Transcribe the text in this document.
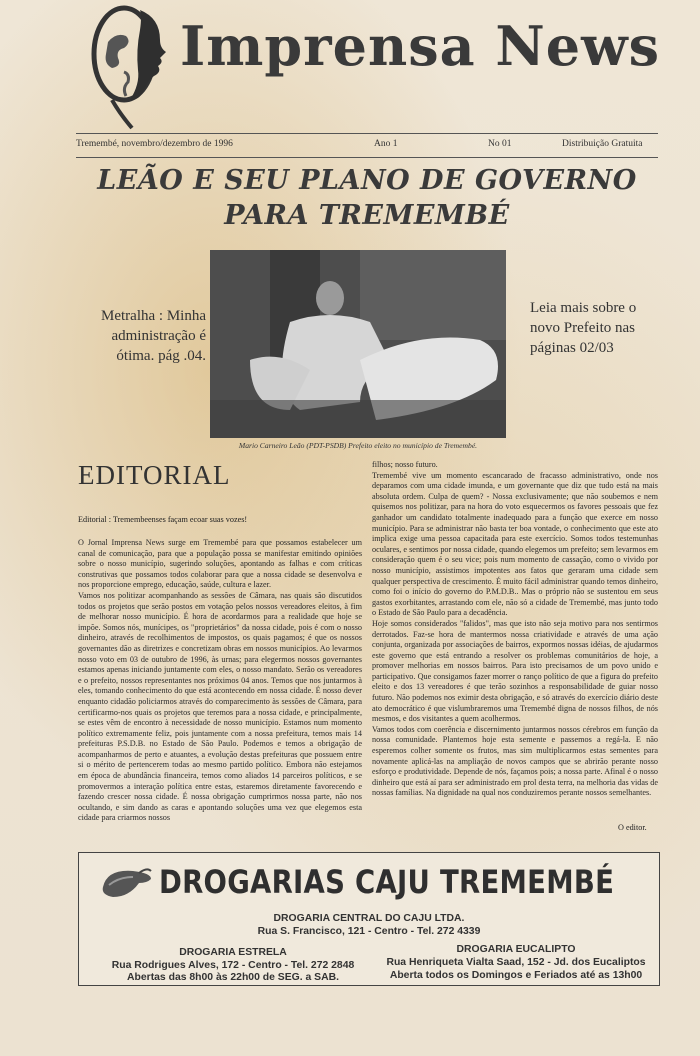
Imprensa News
Tremembé, novembro/dezembro de 1996	Ano 1	No 01	Distribuição Gratuita
LEÃO E SEU PLANO DE GOVERNO
PARA TREMEMBÉ
Metralha : Minha administração é ótima. pág .04.
Leia mais sobre o novo Prefeito nas páginas 02/03
Mario Carneiro Leão (PDT-PSDB) Prefeito eleito no município de Tremembé.
EDITORIAL
Editorial : Tremembeenses façam ecoar suas vozes!

O Jornal Imprensa News surge em Tremembé para que possamos estabelecer um canal de comunicação, para que a população possa se manifestar emitindo opiniões sobre o nosso município, sugerindo soluções, apontando as falhas e com críticas construtivas que possamos todos colaborar para que a nossa cidade se desenvolva e nos proporcione emprego, educação, saúde, cultura e lazer.

Vamos nos politizar acompanhando as sessões de Câmara, nas quais são discutidos todos os projetos que serão postos em votação pelos nossos vereadores eleitos, à fim de melhorar nosso município. É hora de acordarmos para a realidade que hoje se impõe. Somos nós, munícipes, os "proprietários" da nossa cidade, pois é com o nosso dinheiro, através de recolhimentos de impostos, os quais pagamos; é que os nossos governantes dão as diretrizes e concretizam obras em nossos municípios. Ao levarmos nosso voto em 03 de outubro de 1996, às urnas; para elegermos nossos governantes estamos apenas iniciando juntamente com eles, o nosso mandato. Serão os vereadores e o prefeito, nossos representantes nos próximos 04 anos. Temos que nos juntarmos à eles, tomando conhecimento do que está acontecendo em nossa cidade. É nosso dever enquanto cidadão policiarmos através do comparecimento às sessões de Câmara, para certificarmo-nos quais os projetos que teremos para a nossa cidade, e principalmente, se estes vêm de encontro à necessidade de nosso município. Estamos num momento político extremamente feliz, pois juntamente com a nossa prefeitura, temos mais 14 prefeituras P.S.D.B. no Estado de São Paulo. Podemos e temos a obrigação de acompanharmos de perto e atuantes, a evolução destas prefeituras que possuem entre si o mérito de pertencerem todas ao mesmo partido político. Embora não estejamos em época de abundância financeira, temos como aliados 14 parceiros políticos, e se promovermos a interação política entre estas, estaremos diretamente favorecendo e fazendo crescer nossa cidade. É nossa obrigação cumprirmos nossa parte, não nos ocultando, e sim dando as caras e apontando soluções uma vez que elegemos esta cidade para criarmos nossos

filhos; nosso futuro.

Tremembé vive um momento escancarado de fracasso administrativo, onde nos deparamos com uma cidade imunda, e um governante que diz que tudo está na mais absoluta ordem. Culpa de quem? - Nossa exclusivamente; que não soubemos e nem quisemos nos politizar, para na hora do voto esquecermos os favores pessoais que fez ganhador um candidato totalmente inadequado para a função que exerce em nosso município. Para se administrar não basta ter boa vontade, o conhecimento que este ato implica exige uma pessoa capacitada para este exercício. Somos todos testemunhas oculares, e sentimos por nossa cidade, quando elegemos um prefeito; sem levarmos em consideração quem é o seu vice; pois num momento de cassação, como o vivido por nosso município, assistimos impotentes aos fatos que geraram uma cidade sem qualquer perspectiva de crescimento. É muito fácil administrar quando temos dinheiro, como foi o início do governo do P.M.D.B.. Mas o próprio não se sustentou em seus gastos exorbitantes, arrastando com ele, não só a cidade de Tremembé, mas junto todo o Estado de São Paulo para a decadência.

Hoje somos considerados "falidos", mas que isto não seja motivo para nos sentirmos derrotados. Faz-se hora de mantermos nossa criatividade e através de uma ação conjunta, organizada por associações de bairros, expormos nossas idéias, de ajudarmos este governo que está entrando a resolver os problemas comunitários de hoje, a promover melhorias em nossos bairros. Para isto precisamos de um povo unido e participativo. Que consigamos fazer morrer o ranço político de que a figura do prefeito eleito e dos 13 vereadores é que terão sozinhos a responsabilidade de guiar nosso futuro. Não podemos nos eximir desta obrigação, e só através do exercício diário deste ato democrático é que vislumbraremos uma Tremembé digna de nossos filhos, de nós mesmos, e dos visitantes a quem acolhermos.

Vamos todos com coerência e discernimento juntarmos nossos cérebros em função da nossa comunidade. Plantemos hoje esta semente e passemos a regá-la. E não esperemos colher somente os frutos, mas sim multiplicarmos estas sementes para novamente aplicá-las na ampliação de novos campos que se abrirão perante nosso esforço e produtividade. Depende de nós, façamos pois; a nossa parte. Afinal é o nosso dinheiro que está aí para ser administrado em prol desta terra, na melhoria das vidas de nossas famílias. Na dignidade na qual nos conduziremos perante nossos semelhantes.

O editor.
DROGARIAS CAJU TREMEMBÉ
DROGARIA CENTRAL DO CAJU LTDA.
Rua S. Francisco, 121 - Centro - Tel. 272 4339
DROGARIA ESTRELA
Rua Rodrigues Alves, 172 - Centro - Tel. 272 2848
Abertas das 8h00 às 22h00 de SEG. a SAB.
DROGARIA EUCALIPTO
Rua Henriqueta Vialta Saad, 152 - Jd. dos Eucaliptos
Aberta todos os Domingos e Feriados até as 13h00
